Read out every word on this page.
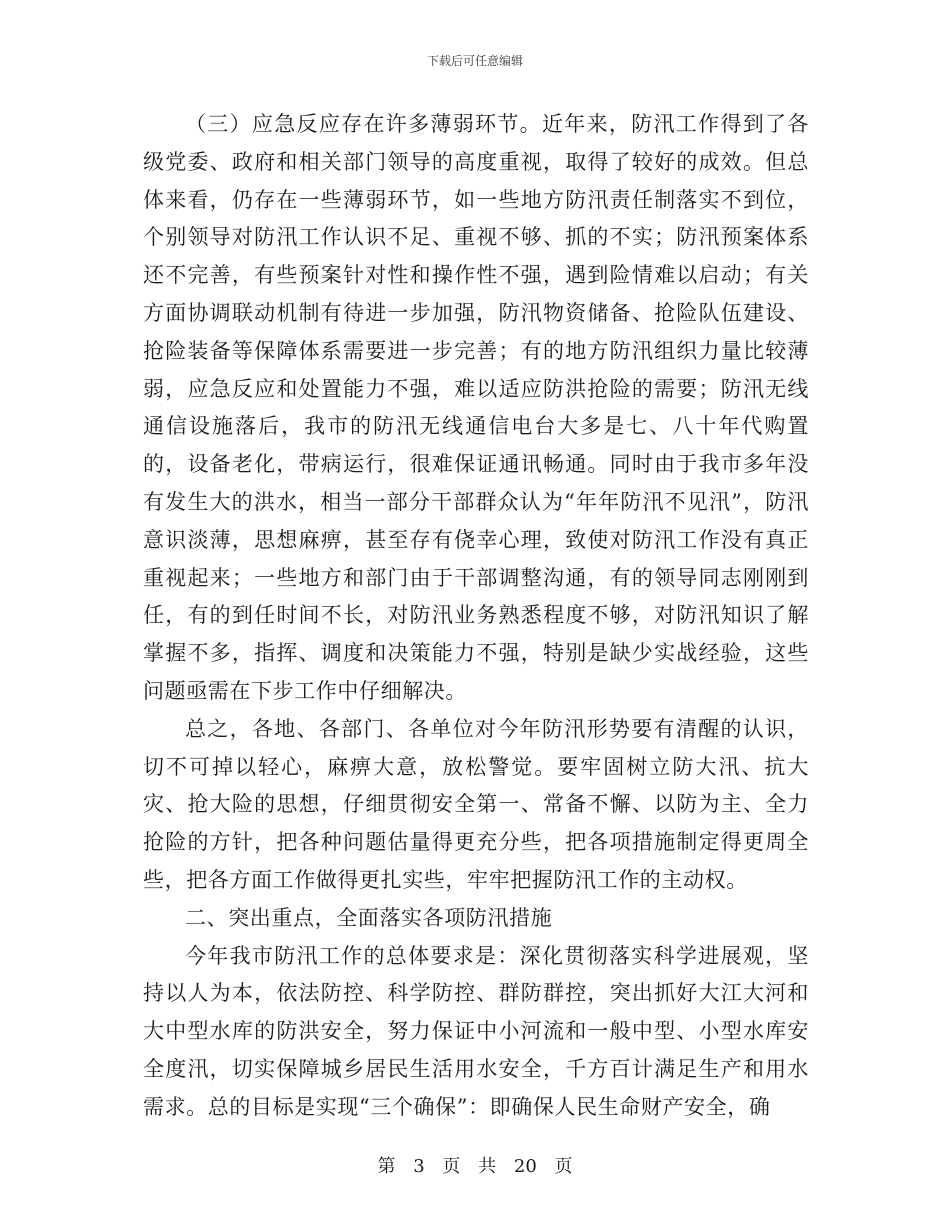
下载后可任意编辑

（三）应急反应存在许多薄弱环节。近年来，防汛工作得到了各级党委、政府和相关部门领导的高度重视，取得了较好的成效。但总体来看，仍存在一些薄弱环节，如一些地方防汛责任制落实不到位，个别领导对防汛工作认识不足、重视不够、抓的不实；防汛预案体系还不完善，有些预案针对性和操作性不强，遇到险情难以启动；有关方面协调联动机制有待进一步加强，防汛物资储备、抢险队伍建设、抢险装备等保障体系需要进一步完善；有的地方防汛组织力量比较薄弱，应急反应和处置能力不强，难以适应防洪抢险的需要；防汛无线通信设施落后，我市的防汛无线通信电台大多是七、八十年代购置的，设备老化，带病运行，很难保证通讯畅通。同时由于我市多年没有发生大的洪水，相当一部分干部群众认为“年年防汛不见汛”，防汛意识淡薄，思想麻痹，甚至存有侥幸心理，致使对防汛工作没有真正重视起来；一些地方和部门由于干部调整沟通，有的领导同志刚刚到任，有的到任时间不长，对防汛业务熟悉程度不够，对防汛知识了解掌握不多，指挥、调度和决策能力不强，特别是缺少实战经验，这些问题亟需在下步工作中仔细解决。

总之，各地、各部门、各单位对今年防汛形势要有清醒的认识，切不可掉以轻心，麻痹大意，放松警觉。要牢固树立防大汛、抗大灾、抢大险的思想，仔细贯彻安全第一、常备不懈、以防为主、全力抢险的方针，把各种问题估量得更充分些，把各项措施制定得更周全些，把各方面工作做得更扎实些，牢牢把握防汛工作的主动权。

二、突出重点，全面落实各项防汛措施

今年我市防汛工作的总体要求是：深化贯彻落实科学进展观，坚持以人为本，依法防控、科学防控、群防群控，突出抓好大江大河和大中型水库的防洪安全，努力保证中小河流和一般中型、小型水库安全度汛，切实保障城乡居民生活用水安全，千方百计满足生产和用水需求。总的目标是实现“三个确保”：即确保人民生命财产安全，确

第 3 页 共 20 页
